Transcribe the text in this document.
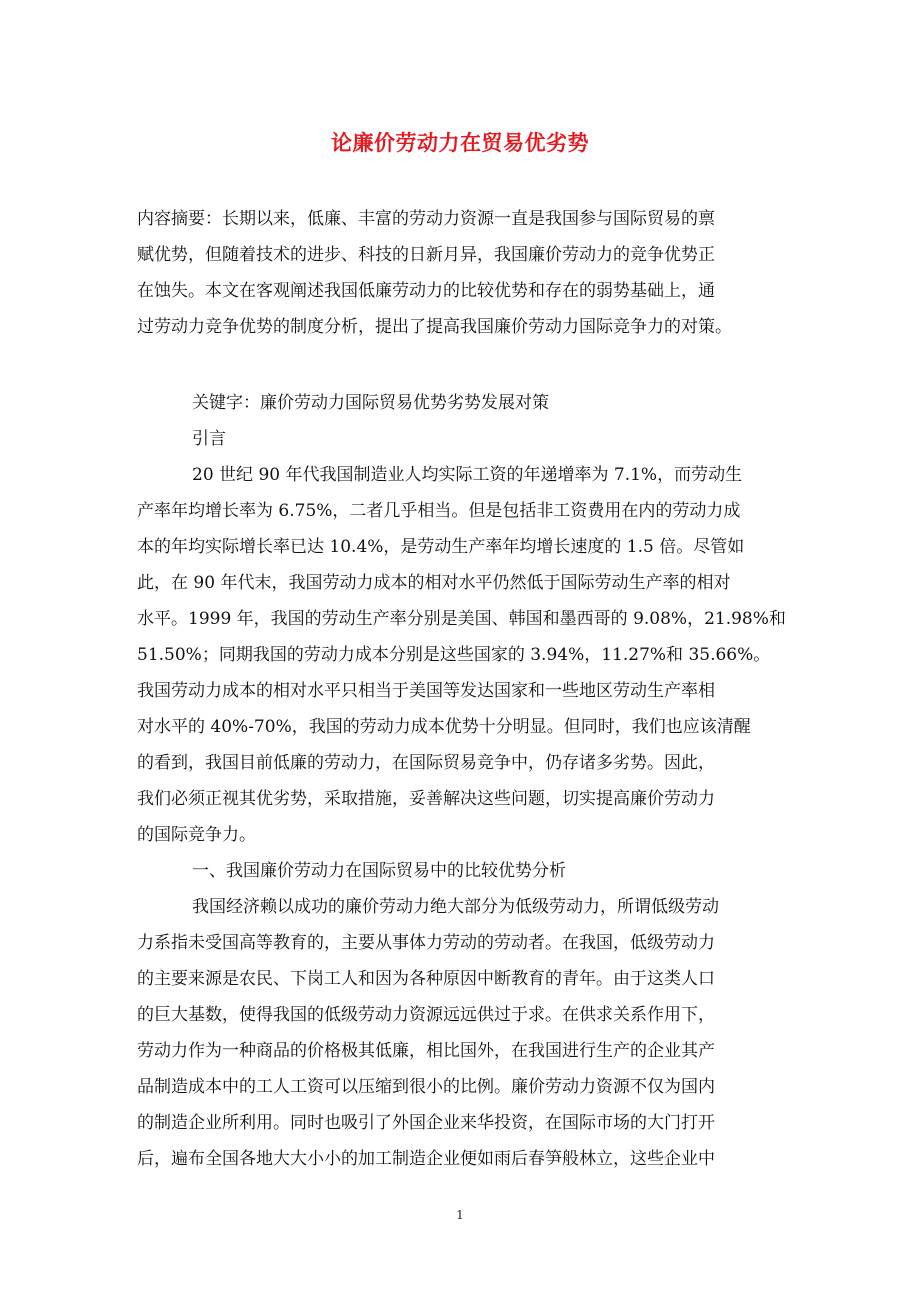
论廉价劳动力在贸易优劣势
内容摘要：长期以来，低廉、丰富的劳动力资源一直是我国参与国际贸易的禀
赋优势，但随着技术的进步、科技的日新月异，我国廉价劳动力的竞争优势正
在蚀失。本文在客观阐述我国低廉劳动力的比较优势和存在的弱势基础上，通
过劳动力竞争优势的制度分析，提出了提高我国廉价劳动力国际竞争力的对策。
关键字：廉价劳动力国际贸易优势劣势发展对策
引言
20 世纪 90 年代我国制造业人均实际工资的年递增率为 7.1%，而劳动生
产率年均增长率为 6.75%，二者几乎相当。但是包括非工资费用在内的劳动力成
本的年均实际增长率已达 10.4%，是劳动生产率年均增长速度的 1.5 倍。尽管如
此，在 90 年代末，我国劳动力成本的相对水平仍然低于国际劳动生产率的相对
水平。1999 年，我国的劳动生产率分别是美国、韩国和墨西哥的 9.08%，21.98%和
51.50%；同期我国的劳动力成本分别是这些国家的 3.94%，11.27%和 35.66%。
我国劳动力成本的相对水平只相当于美国等发达国家和一些地区劳动生产率相
对水平的 40%-70%，我国的劳动力成本优势十分明显。但同时，我们也应该清醒
的看到，我国目前低廉的劳动力，在国际贸易竞争中，仍存诸多劣势。因此，
我们必须正视其优劣势，采取措施，妥善解决这些问题，切实提高廉价劳动力
的国际竞争力。
一、我国廉价劳动力在国际贸易中的比较优势分析
我国经济赖以成功的廉价劳动力绝大部分为低级劳动力，所谓低级劳动
力系指未受国高等教育的，主要从事体力劳动的劳动者。在我国，低级劳动力
的主要来源是农民、下岗工人和因为各种原因中断教育的青年。由于这类人口
的巨大基数，使得我国的低级劳动力资源远远供过于求。在供求关系作用下，
劳动力作为一种商品的价格极其低廉，相比国外，在我国进行生产的企业其产
品制造成本中的工人工资可以压缩到很小的比例。廉价劳动力资源不仅为国内
的制造企业所利用。同时也吸引了外国企业来华投资，在国际市场的大门打开
后，遍布全国各地大大小小的加工制造企业便如雨后春笋般林立，这些企业中
1
